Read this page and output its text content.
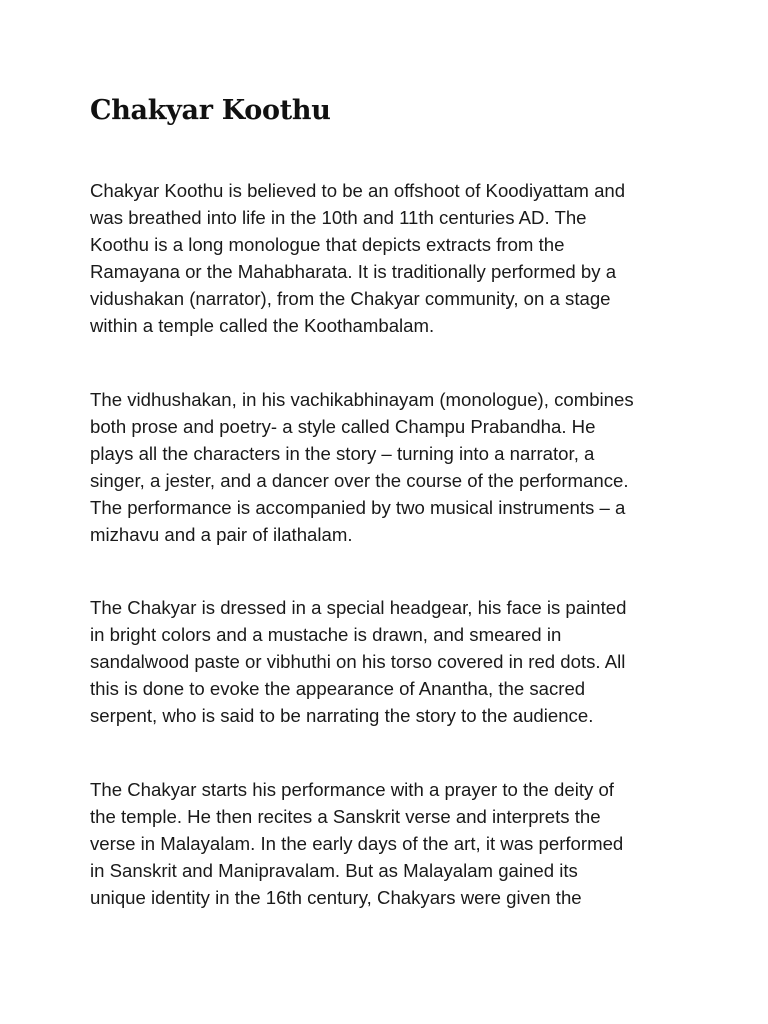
Chakyar Koothu

Chakyar Koothu is believed to be an offshoot of Koodiyattam and
was breathed into life in the 10th and 11th centuries AD. The
Koothu is a long monologue that depicts extracts from the
Ramayana or the Mahabharata. It is traditionally performed by a
vidushakan (narrator), from the Chakyar community, on a stage
within a temple called the Koothambalam.

The vidhushakan, in his vachikabhinayam (monologue), combines
both prose and poetry- a style called Champu Prabandha. He
plays all the characters in the story – turning into a narrator, a
singer, a jester, and a dancer over the course of the performance.
The performance is accompanied by two musical instruments – a
mizhavu and a pair of ilathalam.

The Chakyar is dressed in a special headgear, his face is painted
in bright colors and a mustache is drawn, and smeared in
sandalwood paste or vibhuthi on his torso covered in red dots. All
this is done to evoke the appearance of Anantha, the sacred
serpent, who is said to be narrating the story to the audience.

The Chakyar starts his performance with a prayer to the deity of
the temple. He then recites a Sanskrit verse and interprets the
verse in Malayalam. In the early days of the art, it was performed
in Sanskrit and Manipravalam. But as Malayalam gained its
unique identity in the 16th century, Chakyars were given the
